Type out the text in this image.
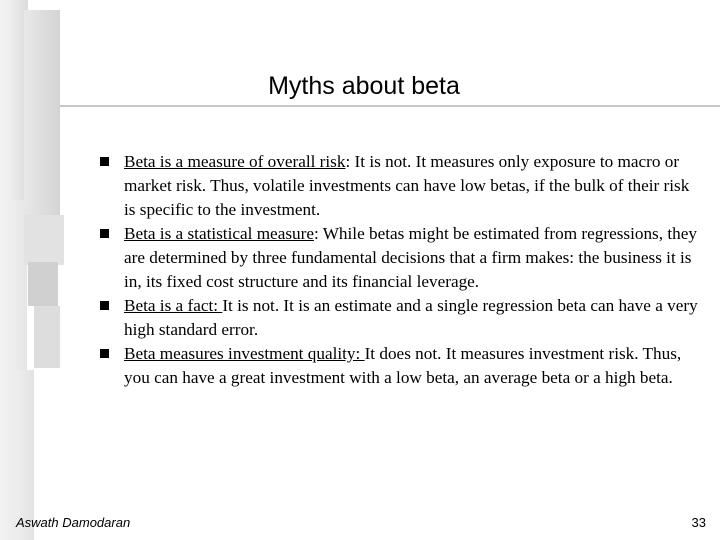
Myths about beta
Beta is a measure of overall risk: It is not. It measures only exposure to macro or market risk. Thus, volatile investments can have low betas, if the bulk of their risk is specific to the investment.
Beta is a statistical measure: While betas might be estimated from regressions, they are determined by three fundamental decisions that a firm makes: the business it is in, its fixed cost structure and its financial leverage.
Beta is a fact: It is not. It is an estimate and a single regression beta can have a very high standard error.
Beta measures investment quality: It does not. It measures investment risk. Thus, you can have a great investment with a low beta, an average beta or a high beta.
Aswath Damodaran	33
